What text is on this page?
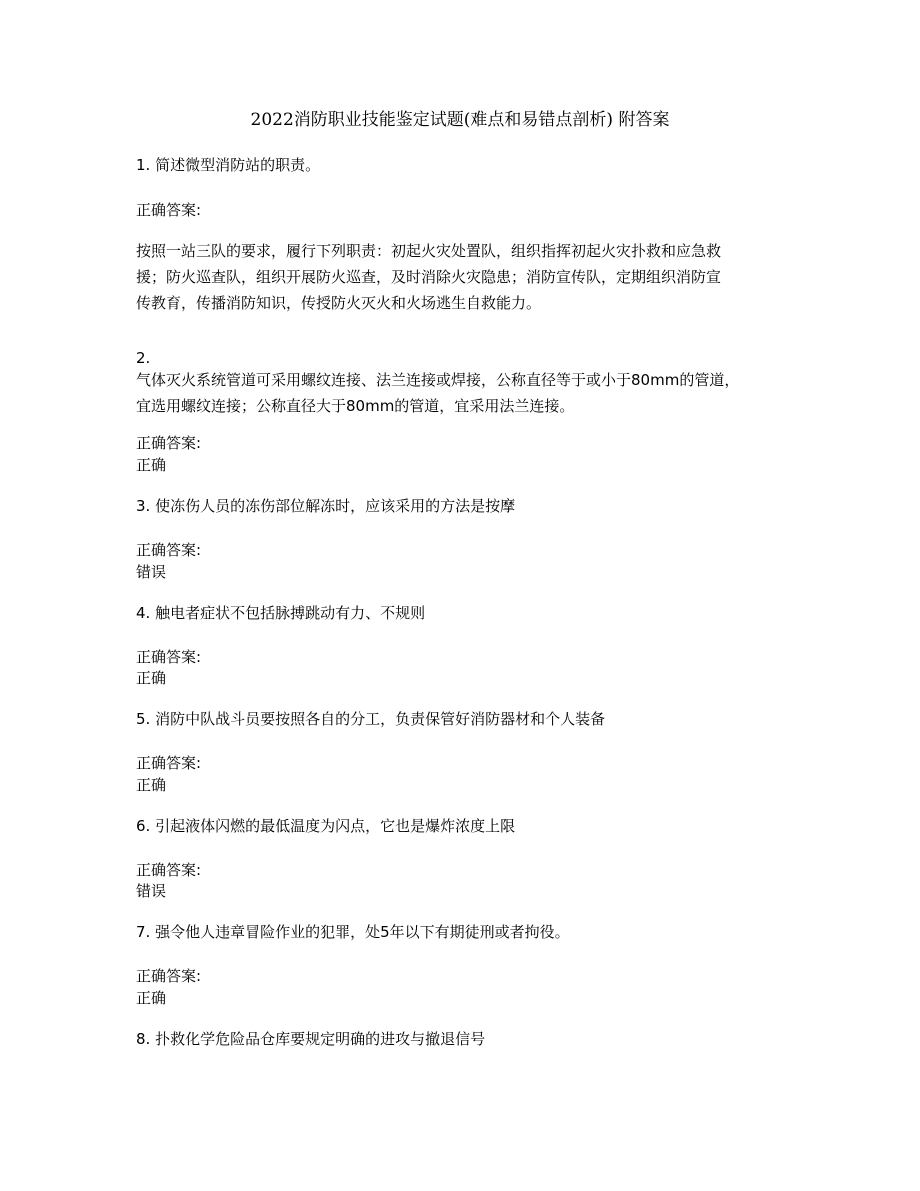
2022消防职业技能鉴定试题(难点和易错点剖析) 附答案
1. 简述微型消防站的职责。
正确答案:
按照一站三队的要求，履行下列职责：初起火灾处置队，组织指挥初起火灾扑救和应急救
援；防火巡查队，组织开展防火巡查，及时消除火灾隐患；消防宣传队，定期组织消防宣
传教育，传播消防知识，传授防火灭火和火场逃生自救能力。
2.
气体灭火系统管道可采用螺纹连接、法兰连接或焊接，公称直径等于或小于80mm的管道，
宜选用螺纹连接；公称直径大于80mm的管道，宜采用法兰连接。
正确答案:
正确
3. 使冻伤人员的冻伤部位解冻时，应该采用的方法是按摩
正确答案:
错误
4. 触电者症状不包括脉搏跳动有力、不规则
正确答案:
正确
5. 消防中队战斗员要按照各自的分工，负责保管好消防器材和个人装备
正确答案:
正确
6. 引起液体闪燃的最低温度为闪点，它也是爆炸浓度上限
正确答案:
错误
7. 强令他人违章冒险作业的犯罪，处5年以下有期徒刑或者拘役。
正确答案:
正确
8. 扑救化学危险品仓库要规定明确的进攻与撤退信号
